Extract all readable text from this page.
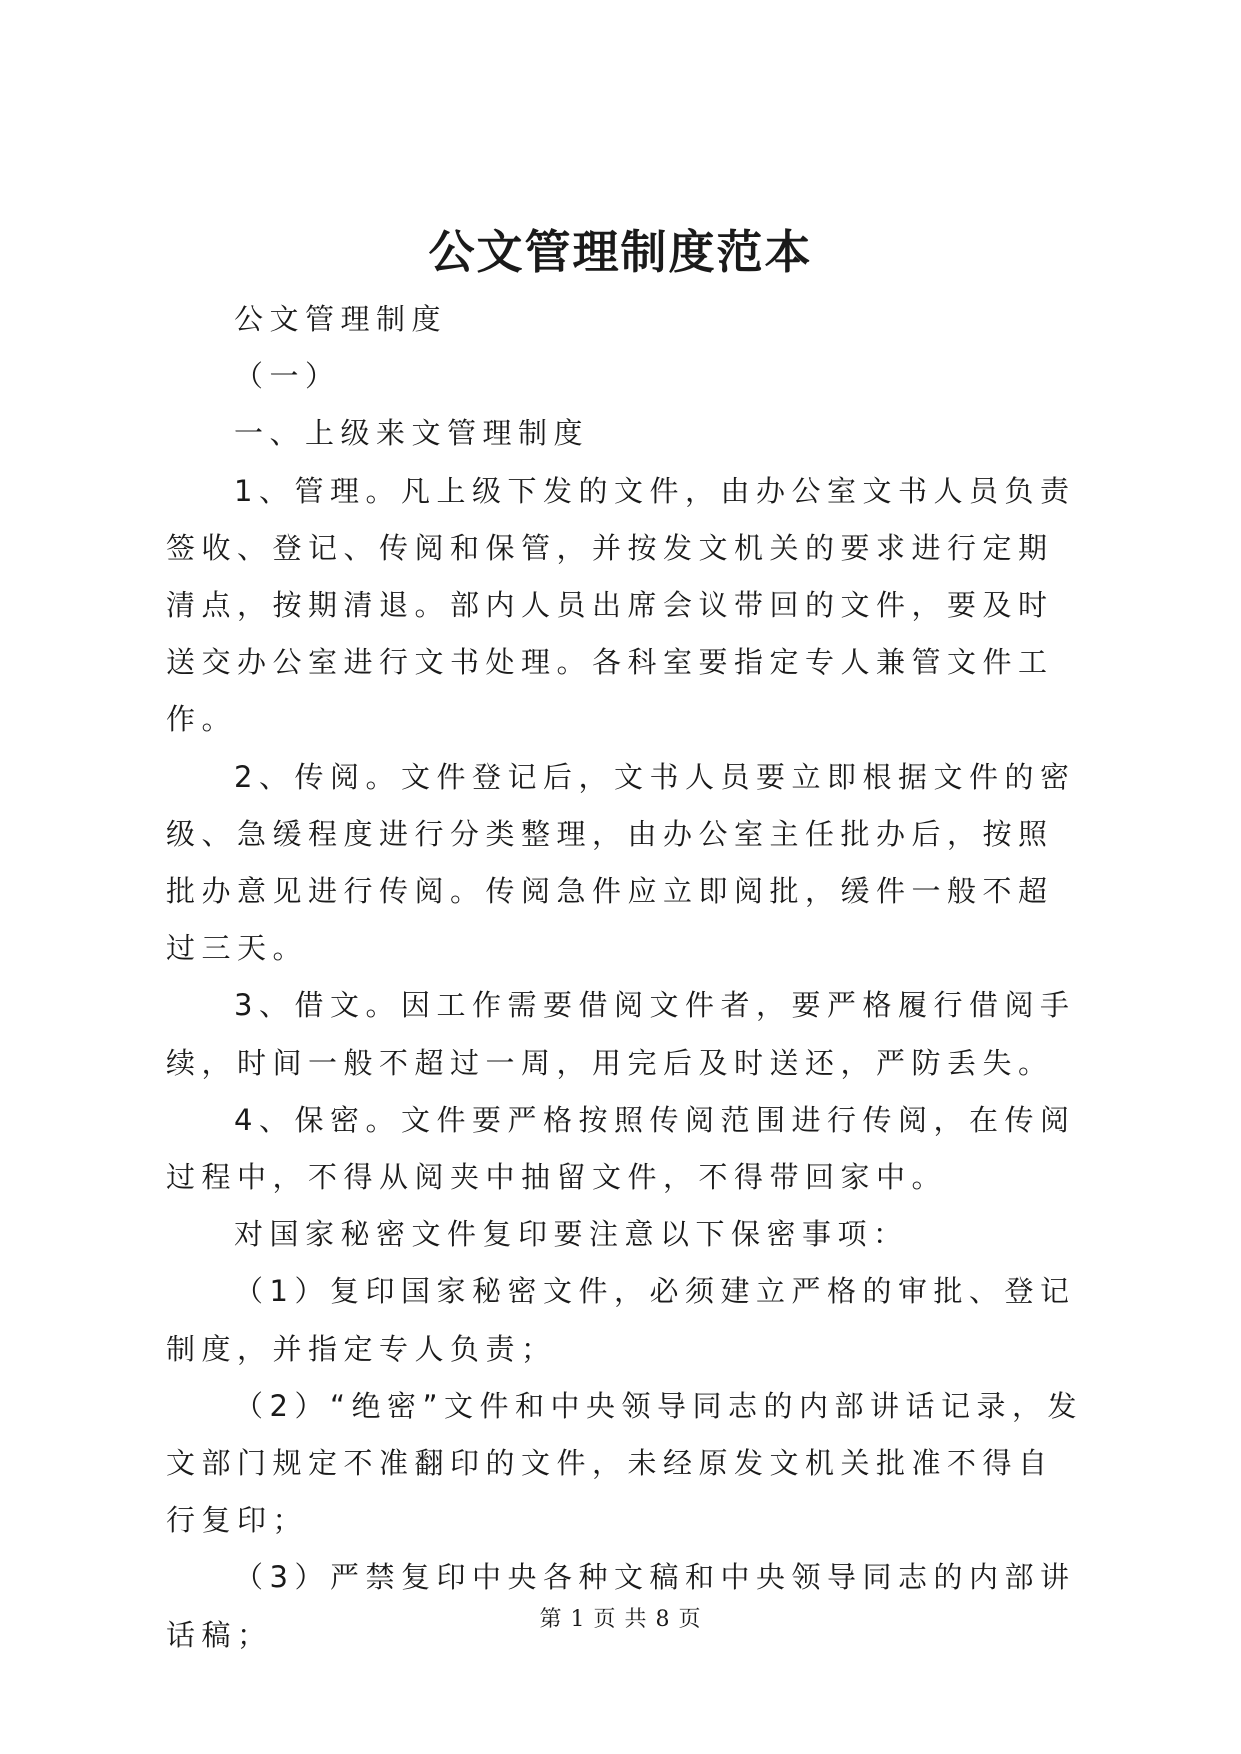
公文管理制度范本

公文管理制度

（一）

一、上级来文管理制度

1、管理。凡上级下发的文件，由办公室文书人员负责签收、登记、传阅和保管，并按发文机关的要求进行定期清点，按期清退。部内人员出席会议带回的文件，要及时送交办公室进行文书处理。各科室要指定专人兼管文件工作。

2、传阅。文件登记后，文书人员要立即根据文件的密级、急缓程度进行分类整理，由办公室主任批办后，按照批办意见进行传阅。传阅急件应立即阅批，缓件一般不超过三天。

3、借文。因工作需要借阅文件者，要严格履行借阅手续，时间一般不超过一周，用完后及时送还，严防丢失。

4、保密。文件要严格按照传阅范围进行传阅，在传阅过程中，不得从阅夹中抽留文件，不得带回家中。

对国家秘密文件复印要注意以下保密事项：

（1）复印国家秘密文件，必须建立严格的审批、登记制度，并指定专人负责；

（2）“绝密”文件和中央领导同志的内部讲话记录，发文部门规定不准翻印的文件，未经原发文机关批准不得自行复印；

（3）严禁复印中央各种文稿和中央领导同志的内部讲话稿；	第 1 页 共 8 页
